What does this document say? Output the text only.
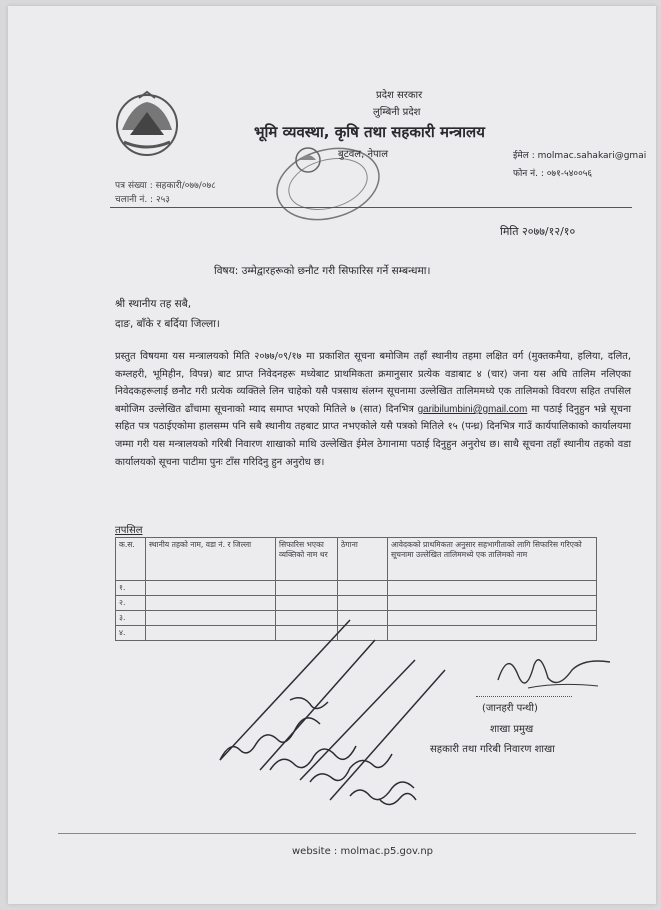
प्रदेश सरकार
लुम्बिनी प्रदेश
भूमि व्यवस्था, कृषि तथा सहकारी मन्त्रालय
बुटवल, नेपाल	ईमेल : molmac.sahakari@gmai
फोन नं. : ०७१-५४००५६
पत्र संख्या : सहकारी/०७७/०७८
चलानी नं. : २५३
मिति २०७७/१२/१०
विषय: उम्मेद्वारहरूको छनौट गरी सिफारिस गर्ने सम्बन्धमा।
श्री स्थानीय तह सबै,
दाङ, बाँके र बर्दिया जिल्ला।
प्रस्तुत विषयमा यस मन्त्रालयको मिति २०७७/०९/१७ मा प्रकाशित सूचना बमोजिम तहाँ स्थानीय तहमा लक्षित वर्ग (मुक्तकमैया, हलिया, दलित, कम्लहरी, भूमिहीन, विपन्न) बाट प्राप्त निवेदनहरू मध्येबाट प्राथमिकता क्रमानुसार प्रत्येक वडाबाट ४ (चार) जना यस अघि तालिम नलिएका निवेदकहरूलाई छनौट गरी प्रत्येक व्यक्तिले लिन चाहेको यसै पत्रसाथ संलग्न सूचनामा उल्लेखित तालिममध्ये एक तालिमको विवरण सहित तपसिल बमोजिम उल्लेखित ढाँचामा सूचनाको म्याद समाप्त भएको मितिले ७ (सात) दिनभित्र garibilumbini@gmail.com मा पठाई दिनुहुन भन्ने सूचना सहित पत्र पठाईएकोमा हालसम्म पनि सबै स्थानीय तहबाट प्राप्त नभएकोले यसै पत्रको मितिले १५ (पन्ध्र) दिनभित्र गाउँ कार्यपालिकाको कार्यालयमा जम्मा गरी यस मन्त्रालयको गरिबी निवारण शाखाको माथि उल्लेखित ईमेल ठेगानामा पठाई दिनुहुन अनुरोध छ। साथै सूचना तहाँ स्थानीय तहको वडा कार्यालयको सूचना पाटीमा पुनः टाँस गरिदिनु हुन अनुरोध छ।
तपसिल
क.स.	स्थानीय तहको नाम, वडा नं. र जिल्ला	सिफारिस भएका व्यक्तिको नाम थर	ठेगाना	आवेदकको प्राथमिकता अनुसार सहभागीताको लागि सिफारिस गरिएको सूचनामा उल्लेखित तालिममध्ये एक तालिमको नाम
१.				
२.				
३.				
४.				
(जानहरी पन्थी)
शाखा प्रमुख
सहकारी तथा गरिबी निवारण शाखा
website : molmac.p5.gov.np
